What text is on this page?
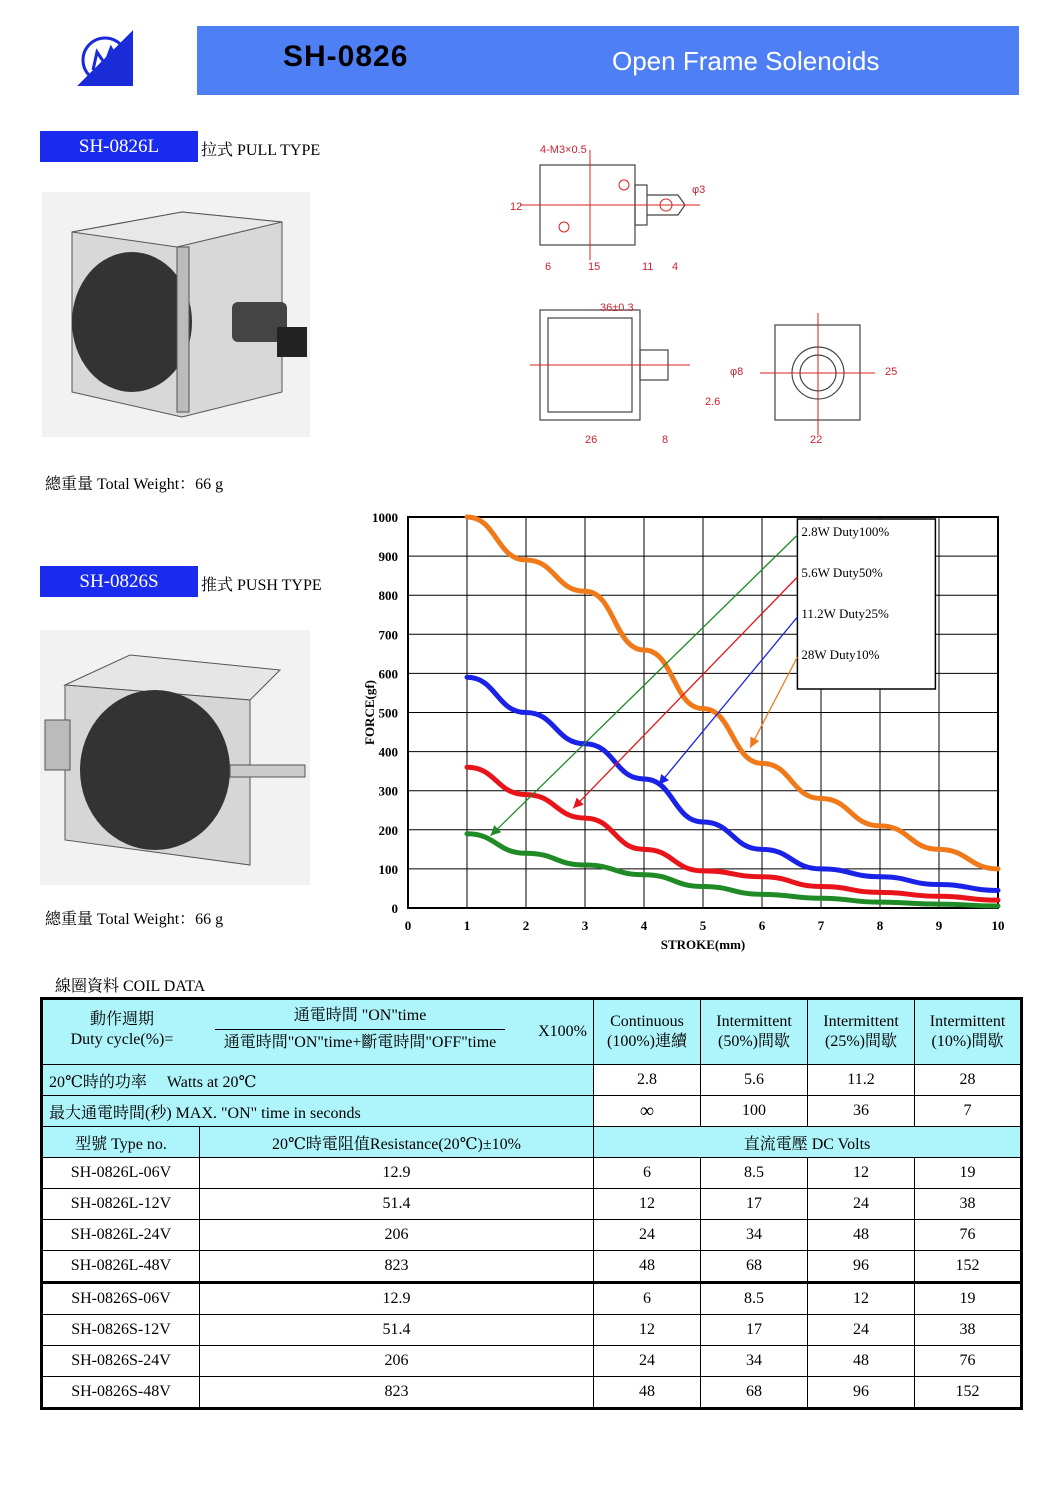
SH-0826	Open Frame Solenoids
SH-0826L	拉式 PULL TYPE
總重量 Total Weight：66 g
SH-0826S	推式 PUSH TYPE
總重量 Total Weight：66 g
4-M3×0.5
φ3
12
6	15	11 4
36±0.3
φ8
2.6
26	8	22
25
0	1	2	3	4	5	6	7	8	9	10
0
100
200
300
400
500
600
700
800
900
1000
STROKE(mm)
FORCE(gf)
2.8W Duty100%
5.6W Duty50%
11.2W Duty25%
28W Duty10%
線圈資料 COIL DATA
動作週期
Duty cycle(%)=
通電時間 "ON"time
通電時間"ON"time+斷電時間"OFF"time
X100%		Continuous (100%)連續	Intermittent (50%)間歇	Intermittent (25%)間歇	Intermittent (10%)間歇
20℃時的功率 Watts at 20℃		2.8	5.6	11.2	28
最大通電時間(秒) MAX. "ON" time in seconds		∞	100	36	7
型號 Type no.	20℃時電阻值Resistance(20℃)±10%	直流電壓 DC Volts			
SH-0826L-06V	12.9	6	8.5	12	19
SH-0826L-12V	51.4	12	17	24	38
SH-0826L-24V	206	24	34	48	76
SH-0826L-48V	823	48	68	96	152
SH-0826S-06V	12.9	6	8.5	12	19
SH-0826S-12V	51.4	12	17	24	38
SH-0826S-24V	206	24	34	48	76
SH-0826S-48V	823	48	68	96	152
